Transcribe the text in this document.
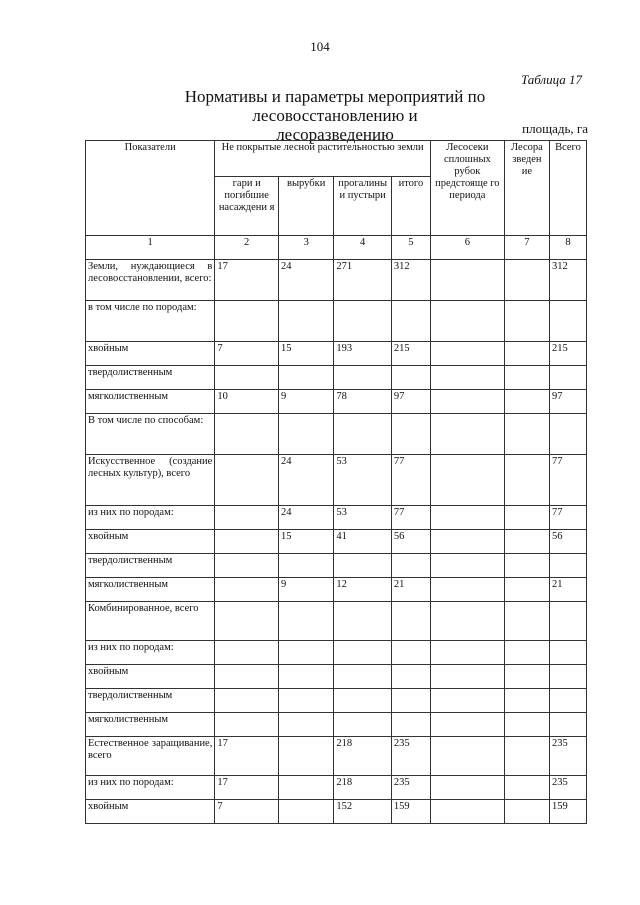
104
Таблица 17
Нормативы и параметры мероприятий по лесовосстановлению и
лесоразведению	площадь, га
Показатели	Не покрытые лесной растительностью земли				Лесосеки сплошных рубок предстояще го периода	Лесора зведен ие	Всего
	гари и погибшие насаждени я	вырубки	прогалины и пустыри	итого			
1	2	3	4	5	6	7	8
Земли, нуждающиеся в лесовосстановлении, всего:	17	24	271	312			312
в том числе по породам:							
хвойным	7	15	193	215			215
твердолиственным							
мягколиственным	10	9	78	97			97
В том числе по способам:							
Искусственное (создание лесных культур), всего		24	53	77			77
из них по породам:		24	53	77			77
хвойным		15	41	56			56
твердолиственным							
мягколиственным		9	12	21			21
Комбинированное, всего							
из них по породам:							
хвойным							
твердолиственным							
мягколиственным							
Естественное заращивание, всего	17		218	235			235
из них по породам:	17		218	235			235
хвойным	7		152	159			159
